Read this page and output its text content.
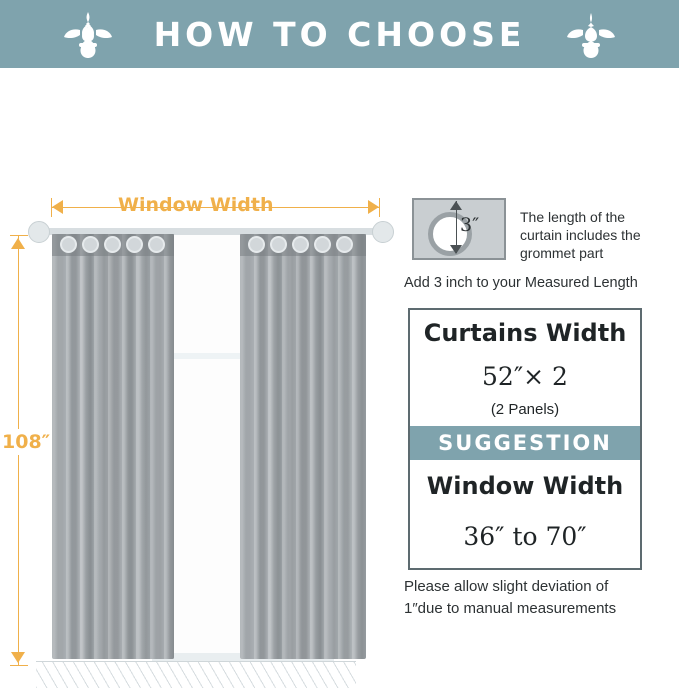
HOW TO CHOOSE
Window Width
108″
3″	The length of the curtain includes the grommet part
Add 3 inch to your Measured Length
Curtains Width
52″× 2
(2 Panels)
SUGGESTION
Window Width
36″ to 70″
Please allow slight deviation of
1″due to manual measurements
